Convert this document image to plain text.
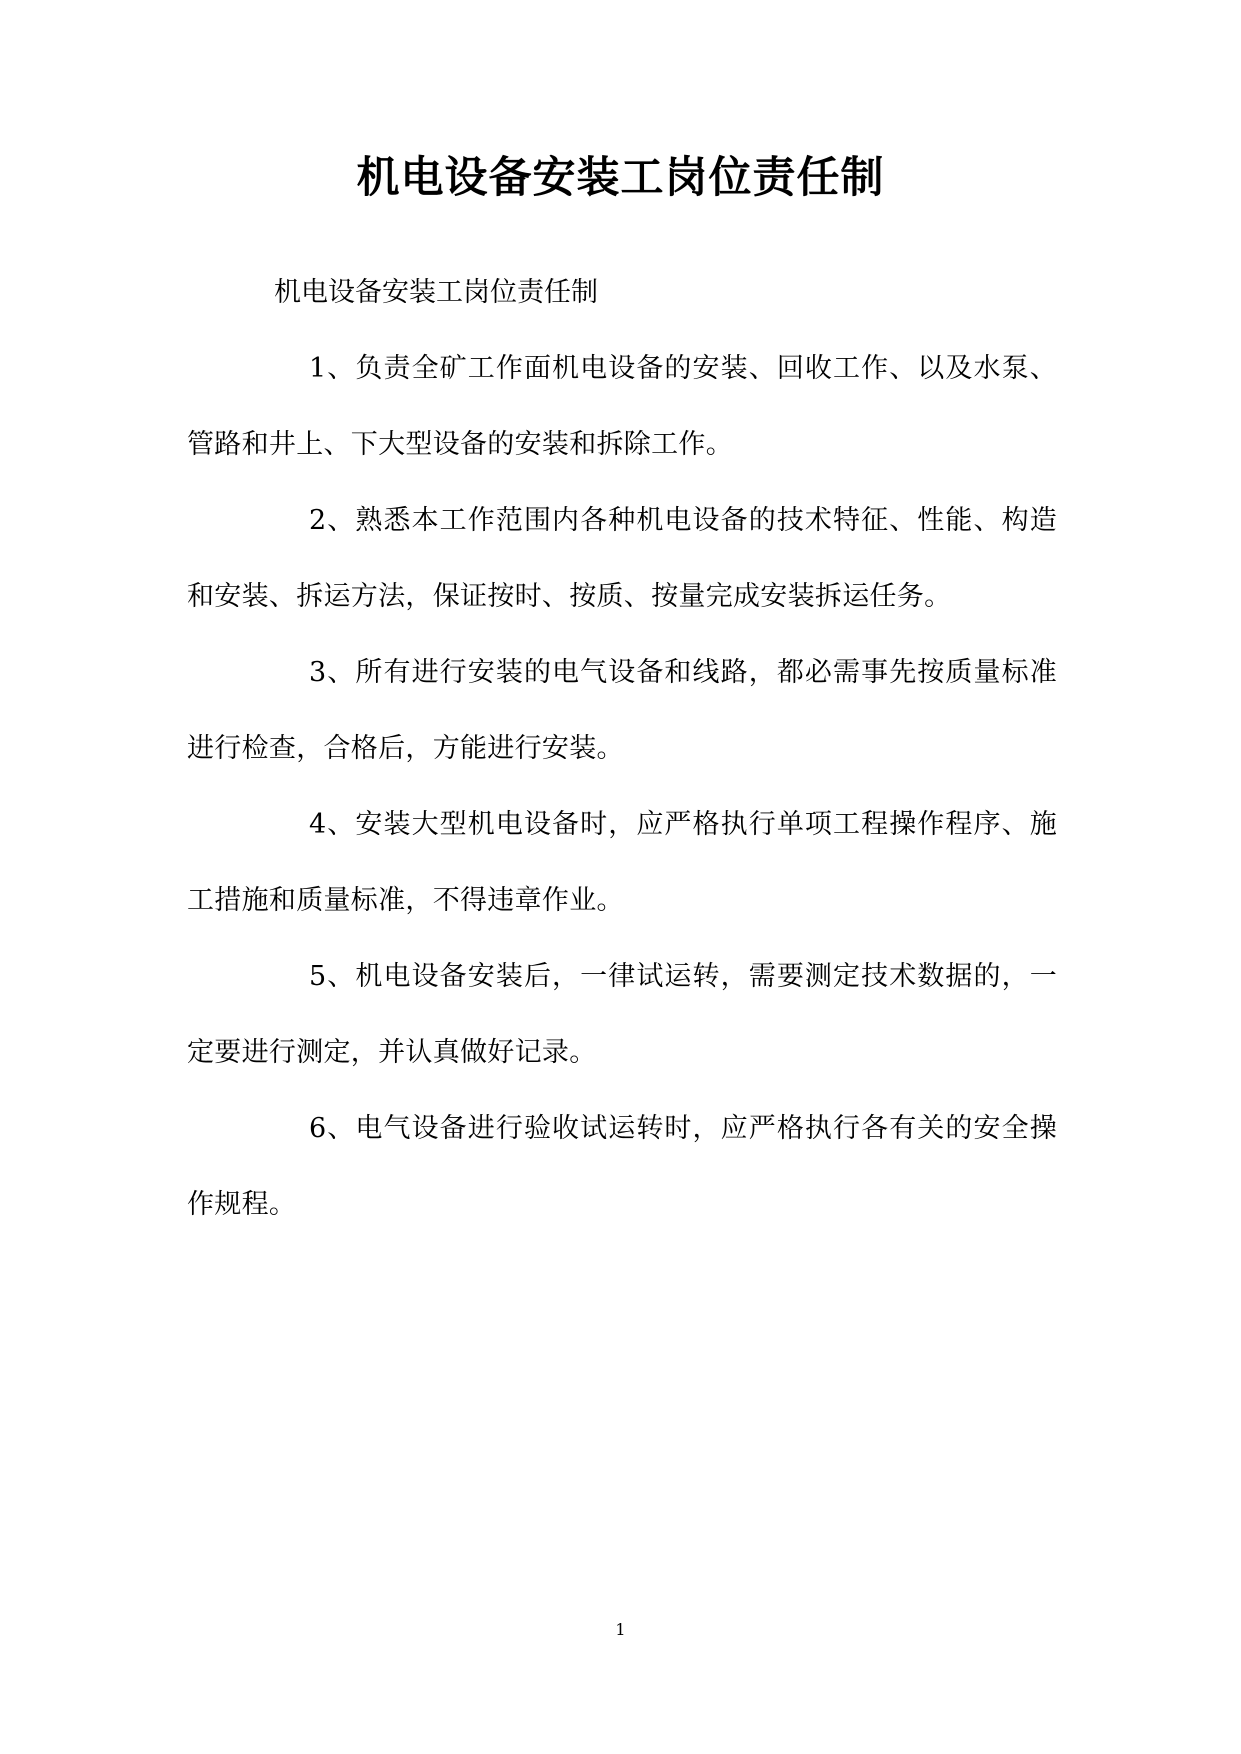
机电设备安装工岗位责任制

机电设备安装工岗位责任制

1、负责全矿工作面机电设备的安装、回收工作、以及水泵、管路和井上、下大型设备的安装和拆除工作。

2、熟悉本工作范围内各种机电设备的技术特征、性能、构造和安装、拆运方法，保证按时、按质、按量完成安装拆运任务。

3、所有进行安装的电气设备和线路，都必需事先按质量标准进行检查，合格后，方能进行安装。

4、安装大型机电设备时，应严格执行单项工程操作程序、施工措施和质量标准，不得违章作业。

5、机电设备安装后，一律试运转，需要测定技术数据的，一定要进行测定，并认真做好记录。

6、电气设备进行验收试运转时，应严格执行各有关的安全操作规程。

1
